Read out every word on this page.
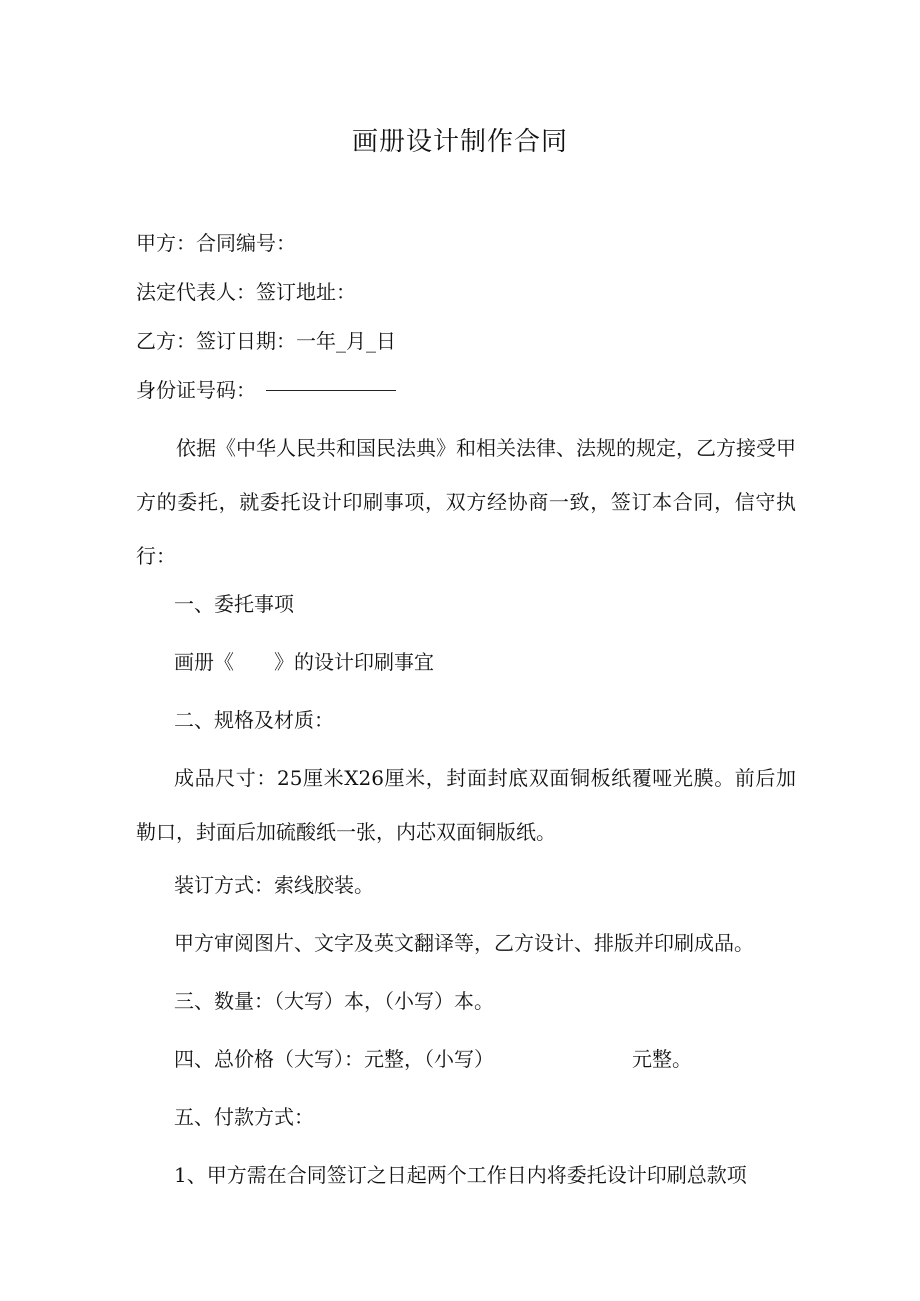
画册设计制作合同
甲方：合同编号：
法定代表人：签订地址：
乙方：签订日期：一年_月_日
身份证号码：
依据《中华人民共和国民法典》和相关法律、法规的规定，乙方接受甲方的委托，就委托设计印刷事项，双方经协商一致，签订本合同，信守执行：
一、委托事项
画册《　　》的设计印刷事宜
二、规格及材质：
成品尺寸：25厘米X26厘米，封面封底双面铜板纸覆哑光膜。前后加勒口，封面后加硫酸纸一张，内芯双面铜版纸。
装订方式：索线胶装。
甲方审阅图片、文字及英文翻译等，乙方设计、排版并印刷成品。
三、数量：（大写）本，（小写）本。
四、总价格（大写）：元整，（小写）	元整。
五、付款方式：
1、甲方需在合同签订之日起两个工作日内将委托设计印刷总款项
